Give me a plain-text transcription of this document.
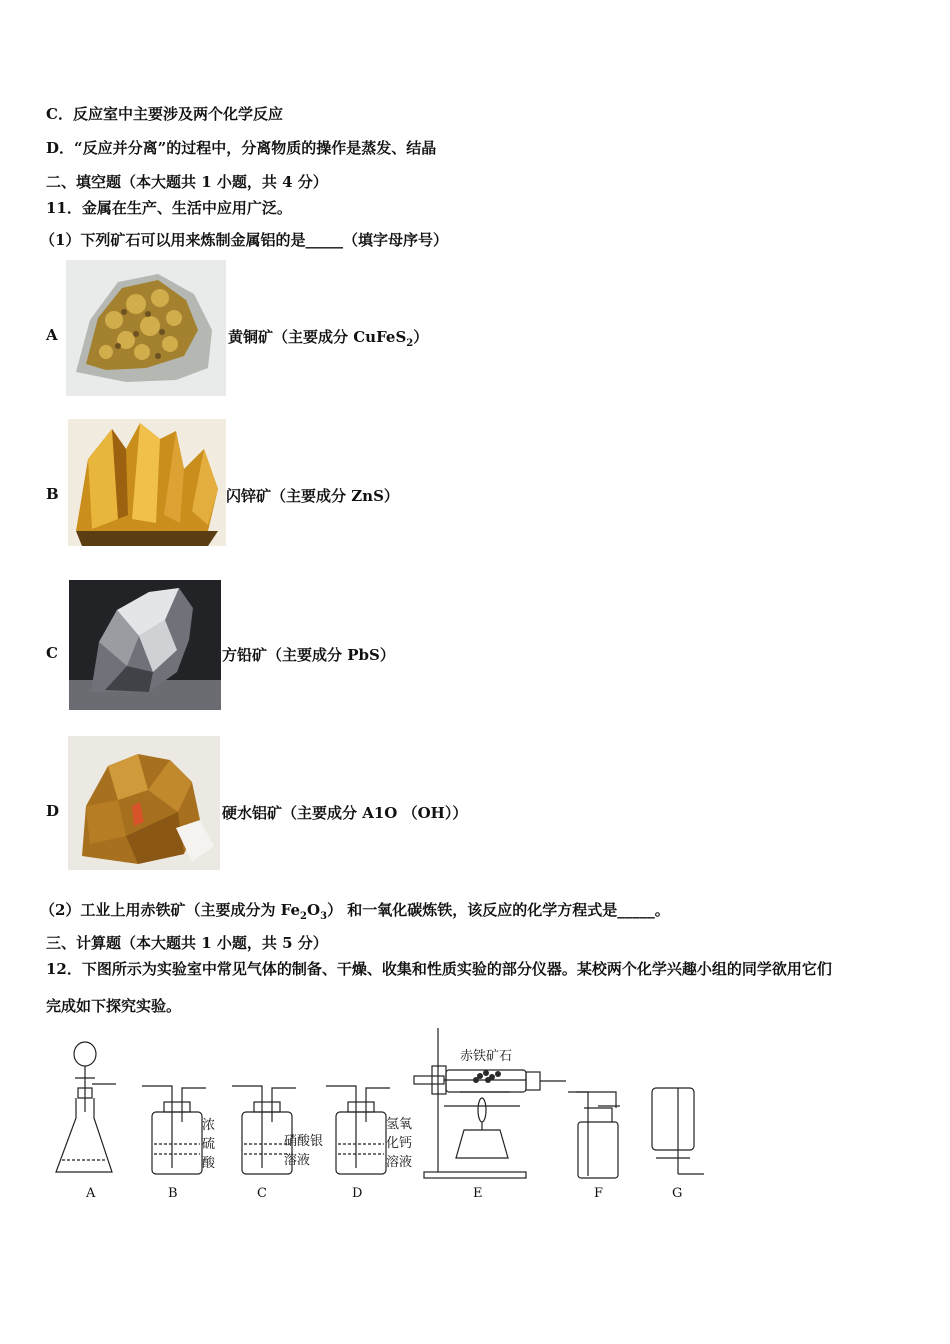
C．反应室中主要涉及两个化学反应
D．“反应并分离”的过程中，分离物质的操作是蒸发、结晶
二、填空题（本大题共 1 小题，共 4 分）
11．金属在生产、生活中应用广泛。
（1）下列矿石可以用来炼制金属铝的是_____（填字母序号）
A	黄铜矿（主要成分 CuFeS$_2$）
B	闪锌矿（主要成分 ZnS）
C	方铅矿（主要成分 PbS）
D	硬水铝矿（主要成分 A1O （OH））
（2）工业上用赤铁矿（主要成分为 $Fe_2O_3$） 和一氧化碳炼铁，该反应的化学方程式是_____。
三、计算题（本大题共 1 小题，共 5 分）
12．下图所示为实验室中常见气体的制备、干燥、收集和性质实验的部分仪器。某校两个化学兴趣小组的同学欲用它们
完成如下探究实验。
浓
硫
酸
硝酸银
溶液
氢氧
化钙
溶液
赤铁矿石
A	B	C	D	E	F	G
